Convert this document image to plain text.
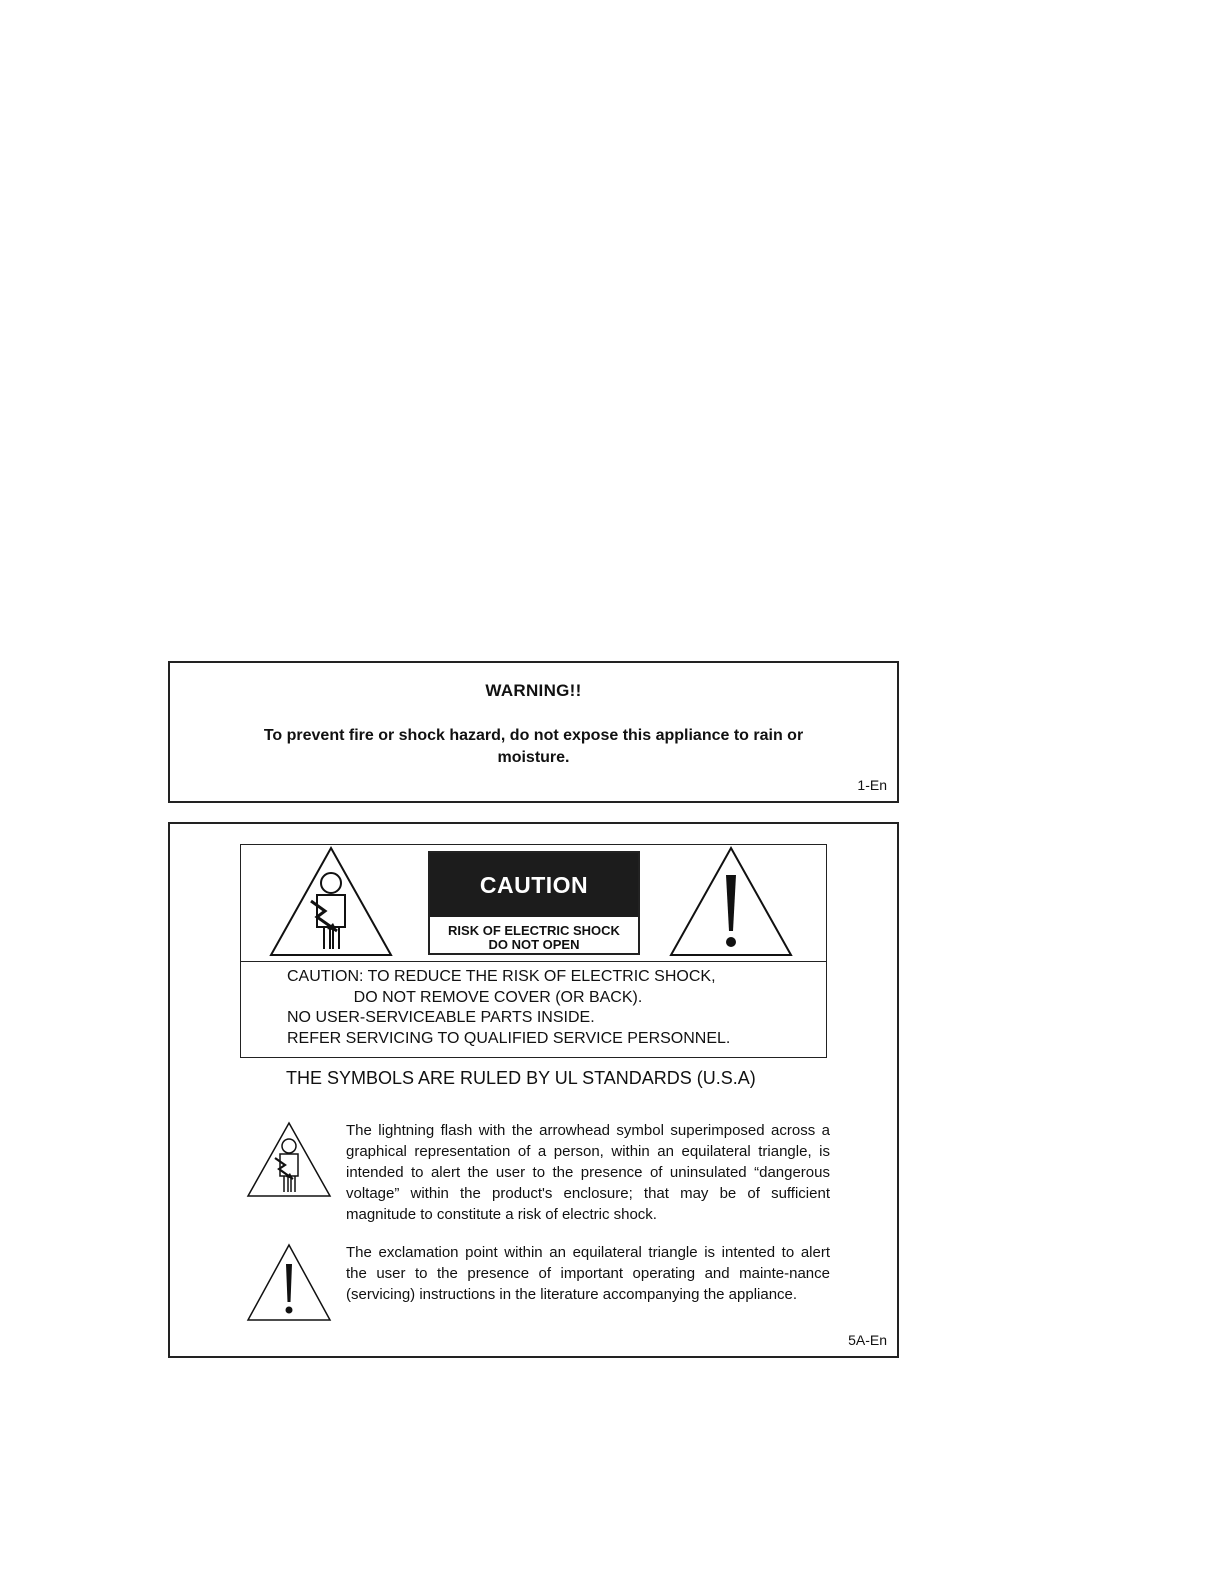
WARNING!!
To prevent fire or shock hazard, do not expose this appliance to rain or moisture.
1-En
CAUTION
RISK OF ELECTRIC SHOCK
DO NOT OPEN
CAUTION: TO REDUCE THE RISK OF ELECTRIC SHOCK,
DO NOT REMOVE COVER (OR BACK).
NO USER-SERVICEABLE PARTS INSIDE.
REFER SERVICING TO QUALIFIED SERVICE PERSONNEL.
THE SYMBOLS ARE RULED BY UL STANDARDS (U.S.A)
The lightning flash with the arrowhead symbol superimposed across a graphical representation of a person, within an equilateral triangle, is intended to alert the user to the presence of uninsulated “dangerous voltage” within the product's enclosure; that may be of sufficient magnitude to constitute a risk of electric shock.
The exclamation point within an equilateral triangle is intented to alert the user to the presence of important operating and mainte-nance (servicing) instructions in the literature accompanying the appliance.
5A-En
